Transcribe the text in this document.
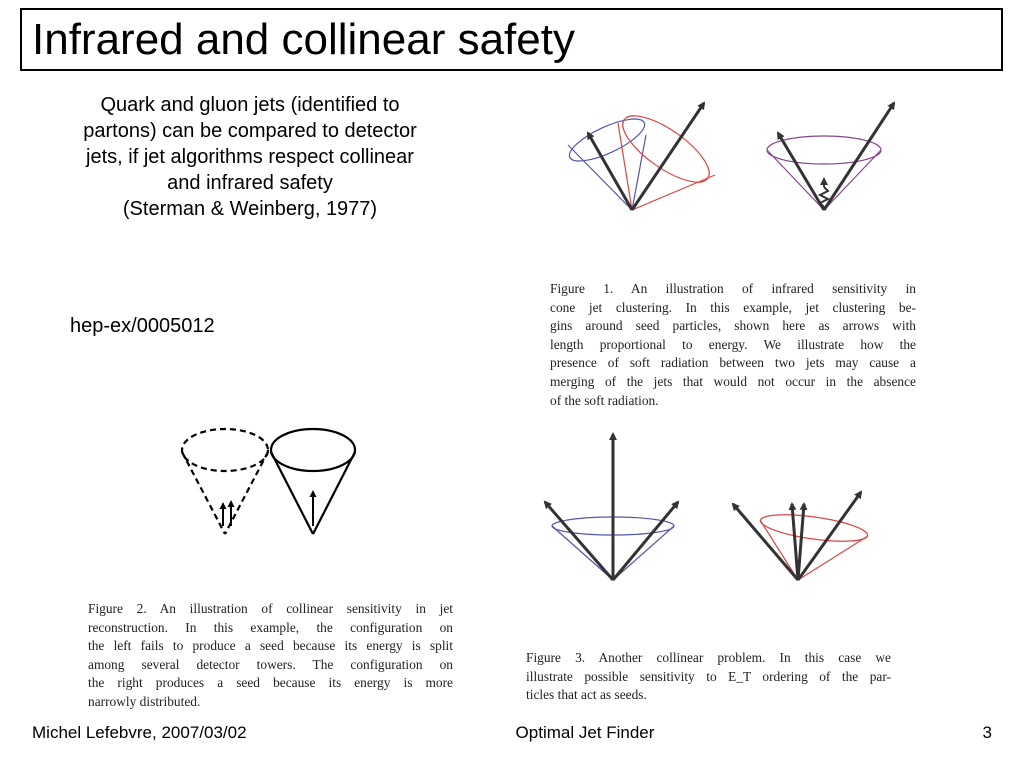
Infrared and collinear safety
Quark and gluon jets (identified to
partons) can be compared to detector
jets, if jet algorithms respect collinear
and infrared safety
(Sterman & Weinberg, 1977)
hep-ex/0005012
Figure 1. An illustration of infrared sensitivity in
cone jet clustering. In this example, jet clustering be-
gins around seed particles, shown here as arrows with
length proportional to energy. We illustrate how the
presence of soft radiation between two jets may cause a
merging of the jets that would not occur in the absence
of the soft radiation.
Figure 2. An illustration of collinear sensitivity in jet
reconstruction. In this example, the configuration on
the left fails to produce a seed because its energy is split
among several detector towers. The configuration on
the right produces a seed because its energy is more
narrowly distributed.
Figure 3. Another collinear problem. In this case we
illustrate possible sensitivity to E_T ordering of the par-
ticles that act as seeds.
Michel Lefebvre, 2007/03/02	Optimal Jet Finder	3
